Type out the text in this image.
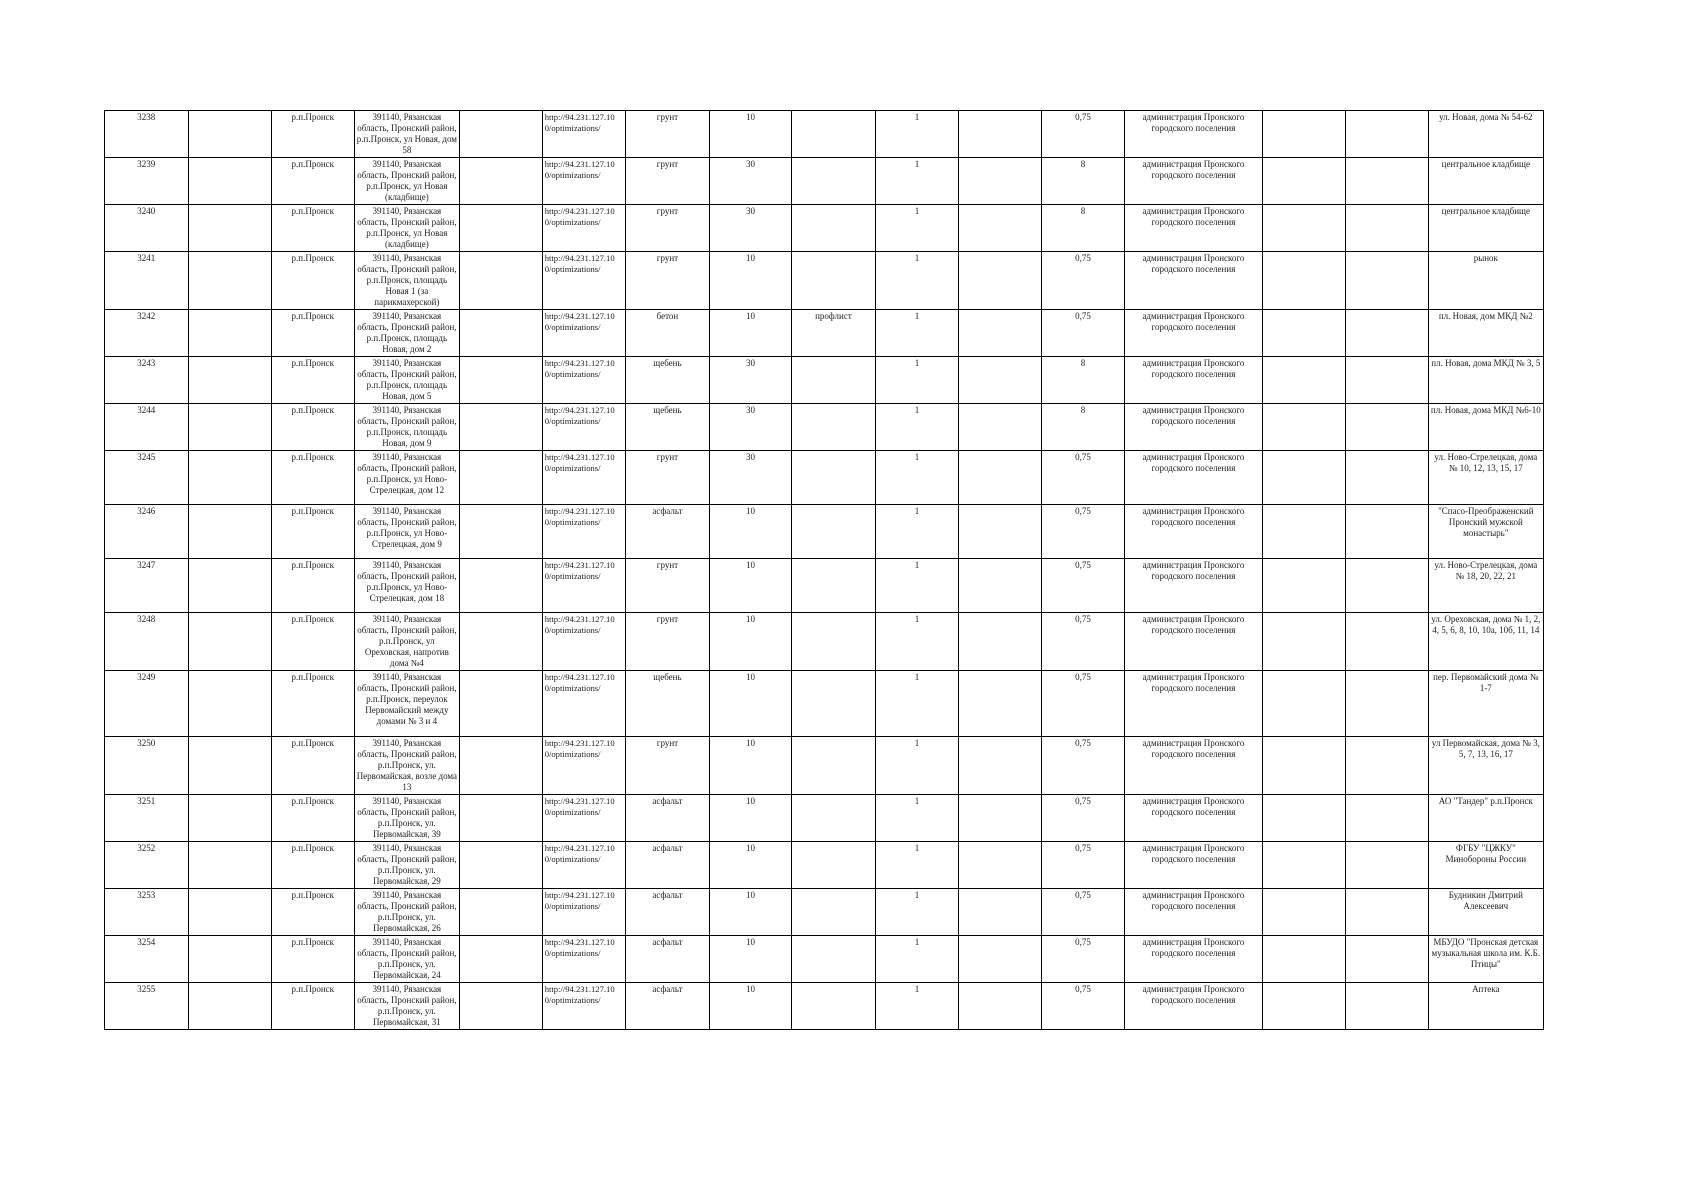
3238		р.п.Пронск	391140, Рязанская область, Пронский район, р.п.Пронск, ул Новая, дом 58		http://94.231.127.10 0/optimizations/	грунт	10		1		0,75	администрация Пронского городского поселения			ул. Новая, дома № 54-62
3239		р.п.Пронск	391140, Рязанская область, Пронский район, р.п.Пронск, ул Новая (кладбище)		http://94.231.127.10 0/optimizations/	грунт	30		1		8	администрация Пронского городского поселения			центральное кладбище
3240		р.п.Пронск	391140, Рязанская область, Пронский район, р.п.Пронск, ул Новая (кладбище)		http://94.231.127.10 0/optimizations/	грунт	30		1		8	администрация Пронского городского поселения			центральное кладбище
3241		р.п.Пронск	391140, Рязанская область, Пронский район, р.п.Пронск, площадь Новая 1 (за парикмахерской)		http://94.231.127.10 0/optimizations/	грунт	10		1		0,75	администрация Пронского городского поселения			рынок
3242		р.п.Пронск	391140, Рязанская область, Пронский район, р.п.Пронск, площадь Новая, дом 2		http://94.231.127.10 0/optimizations/	бетон	10	профлист	1		0,75	администрация Пронского городского поселения			пл. Новая, дом МКД №2
3243		р.п.Пронск	391140, Рязанская область, Пронский район, р.п.Пронск, площадь Новая, дом 5		http://94.231.127.10 0/optimizations/	щебень	30		1		8	администрация Пронского городского поселения			пл. Новая, дома МКД № 3, 5
3244		р.п.Пронск	391140, Рязанская область, Пронский район, р.п.Пронск, площадь Новая, дом 9		http://94.231.127.10 0/optimizations/	щебень	30		1		8	администрация Пронского городского поселения			пл. Новая, дома МКД №6-10
3245		р.п.Пронск	391140, Рязанская область, Пронский район, р.п.Пронск, ул Ново-Стрелецкая, дом 12		http://94.231.127.10 0/optimizations/	грунт	30		1		0,75	администрация Пронского городского поселения			ул. Ново-Стрелецкая, дома № 10, 12, 13, 15, 17
3246		р.п.Пронск	391140, Рязанская область, Пронский район, р.п.Пронск, ул Ново-Стрелецкая, дом 9		http://94.231.127.10 0/optimizations/	асфальт	10		1		0,75	администрация Пронского городского поселения			"Спасо-Преображенский Пронский мужской монастырь"
3247		р.п.Пронск	391140, Рязанская область, Пронский район, р.п.Пронск, ул Ново-Стрелецкая, дом 18		http://94.231.127.10 0/optimizations/	грунт	10		1		0,75	администрация Пронского городского поселения			ул. Ново-Стрелецкая, дома № 18, 20, 22, 21
3248		р.п.Пронск	391140, Рязанская область, Пронский район, р.п.Пронск, ул Ореховская, напротив дома №4		http://94.231.127.10 0/optimizations/	грунт	10		1		0,75	администрация Пронского городского поселения			ул. Ореховская, дома № 1, 2, 4, 5, 6, 8, 10, 10а, 10б, 11, 14
3249		р.п.Пронск	391140, Рязанская область, Пронский район, р.п.Пронск, переулок Первомайский между домами № 3 и 4		http://94.231.127.10 0/optimizations/	щебень	10		1		0,75	администрация Пронского городского поселения			пер. Первомайский дома № 1-7
3250		р.п.Пронск	391140, Рязанская область, Пронский район, р.п.Пронск, ул. Первомайская, возле дома 13		http://94.231.127.10 0/optimizations/	грунт	10		1		0,75	администрация Пронского городского поселения			ул Первомайская, дома № 3, 5, 7, 13, 16, 17
3251		р.п.Пронск	391140, Рязанская область, Пронский район, р.п.Пронск, ул. Первомайская, 39		http://94.231.127.10 0/optimizations/	асфальт	10		1		0,75	администрация Пронского городского поселения			АО "Тандер" р.п.Пронск
3252		р.п.Пронск	391140, Рязанская область, Пронский район, р.п.Пронск, ул. Первомайская, 29		http://94.231.127.10 0/optimizations/	асфальт	10		1		0,75	администрация Пронского городского поселения			ФГБУ "ЦЖКУ" Минобороны России
3253		р.п.Пронск	391140, Рязанская область, Пронский район, р.п.Пронск, ул. Первомайская, 26		http://94.231.127.10 0/optimizations/	асфальт	10		1		0,75	администрация Пронского городского поселения			Будникин Дмитрий Алексеевич
3254		р.п.Пронск	391140, Рязанская область, Пронский район, р.п.Пронск, ул. Первомайская, 24		http://94.231.127.10 0/optimizations/	асфальт	10		1		0,75	администрация Пронского городского поселения			МБУДО "Пронская детская музыкальная школа им. К.Б. Птицы"
3255		р.п.Пронск	391140, Рязанская область, Пронский район, р.п.Пронск, ул. Первомайская, 31		http://94.231.127.10 0/optimizations/	асфальт	10		1		0,75	администрация Пронского городского поселения			Аптека
